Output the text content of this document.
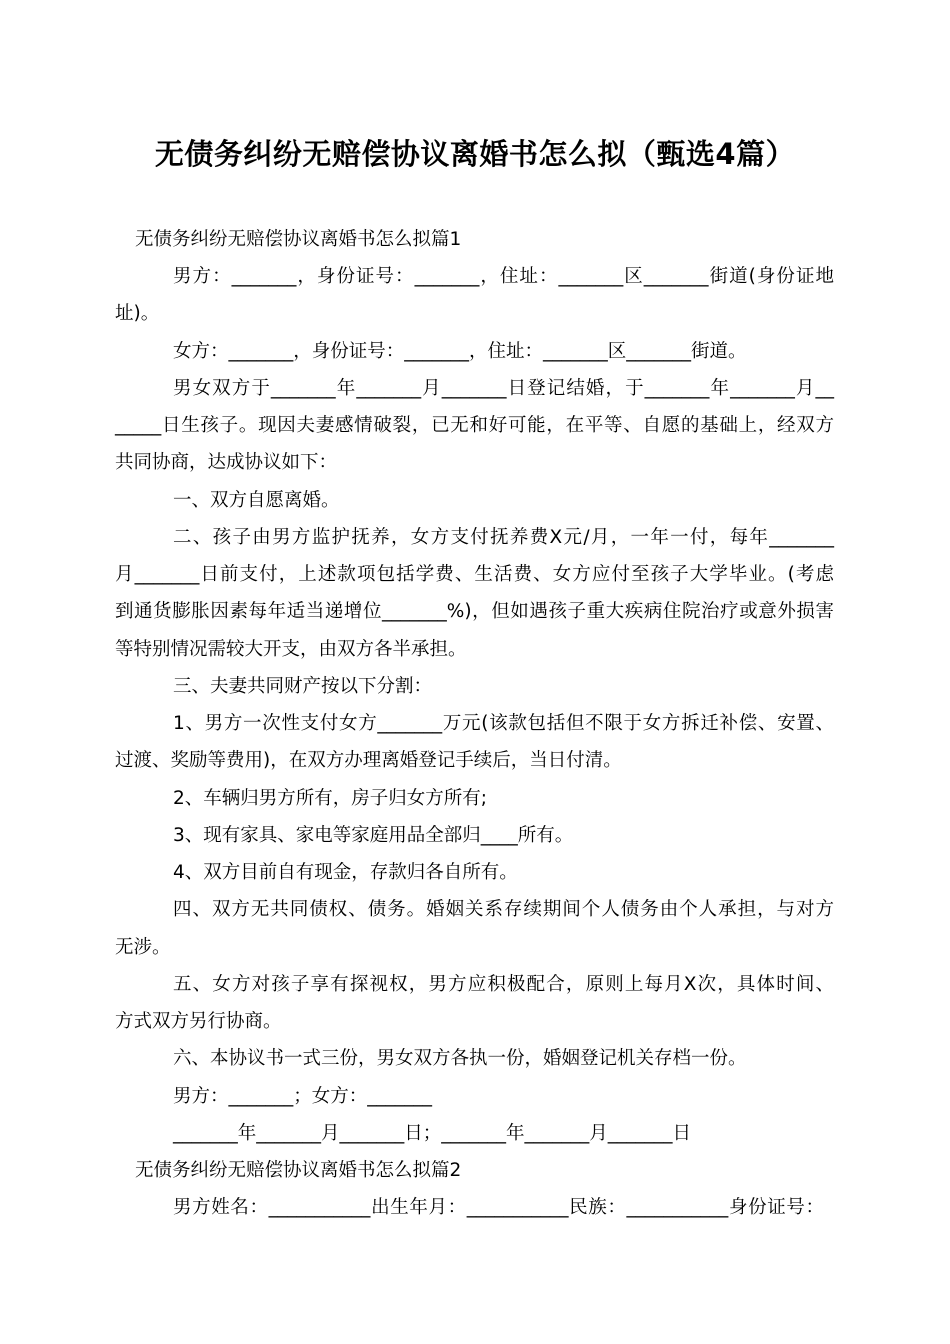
无债务纠纷无赔偿协议离婚书怎么拟（甄选4篇）
无债务纠纷无赔偿协议离婚书怎么拟篇1
男方：_______，身份证号：_______，住址：_______区_______街道(身份证地
址)。
女方：_______，身份证号：_______，住址：_______区_______街道。
男女双方于_______年_______月_______日登记结婚，于_______年_______月__
_____日生孩子。现因夫妻感情破裂，已无和好可能，在平等、自愿的基础上，经双方
共同协商，达成协议如下：
一、双方自愿离婚。
二、孩子由男方监护抚养，女方支付抚养费X元/月，一年一付，每年_______
月_______日前支付，上述款项包括学费、生活费、女方应付至孩子大学毕业。(考虑
到通货膨胀因素每年适当递增位_______%)，但如遇孩子重大疾病住院治疗或意外损害
等特别情况需较大开支，由双方各半承担。
三、夫妻共同财产按以下分割：
1、男方一次性支付女方_______万元(该款包括但不限于女方拆迁补偿、安置、
过渡、奖励等费用)，在双方办理离婚登记手续后，当日付清。
2、车辆归男方所有，房子归女方所有;
3、现有家具、家电等家庭用品全部归____所有。
4、双方目前自有现金，存款归各自所有。
四、双方无共同债权、债务。婚姻关系存续期间个人债务由个人承担，与对方
无涉。
五、女方对孩子享有探视权，男方应积极配合，原则上每月X次，具体时间、
方式双方另行协商。
六、本协议书一式三份，男女双方各执一份，婚姻登记机关存档一份。
男方：_______；女方：_______
_______年_______月_______日；_______年_______月_______日
无债务纠纷无赔偿协议离婚书怎么拟篇2
男方姓名：___________出生年月：___________民族：___________身份证号：
